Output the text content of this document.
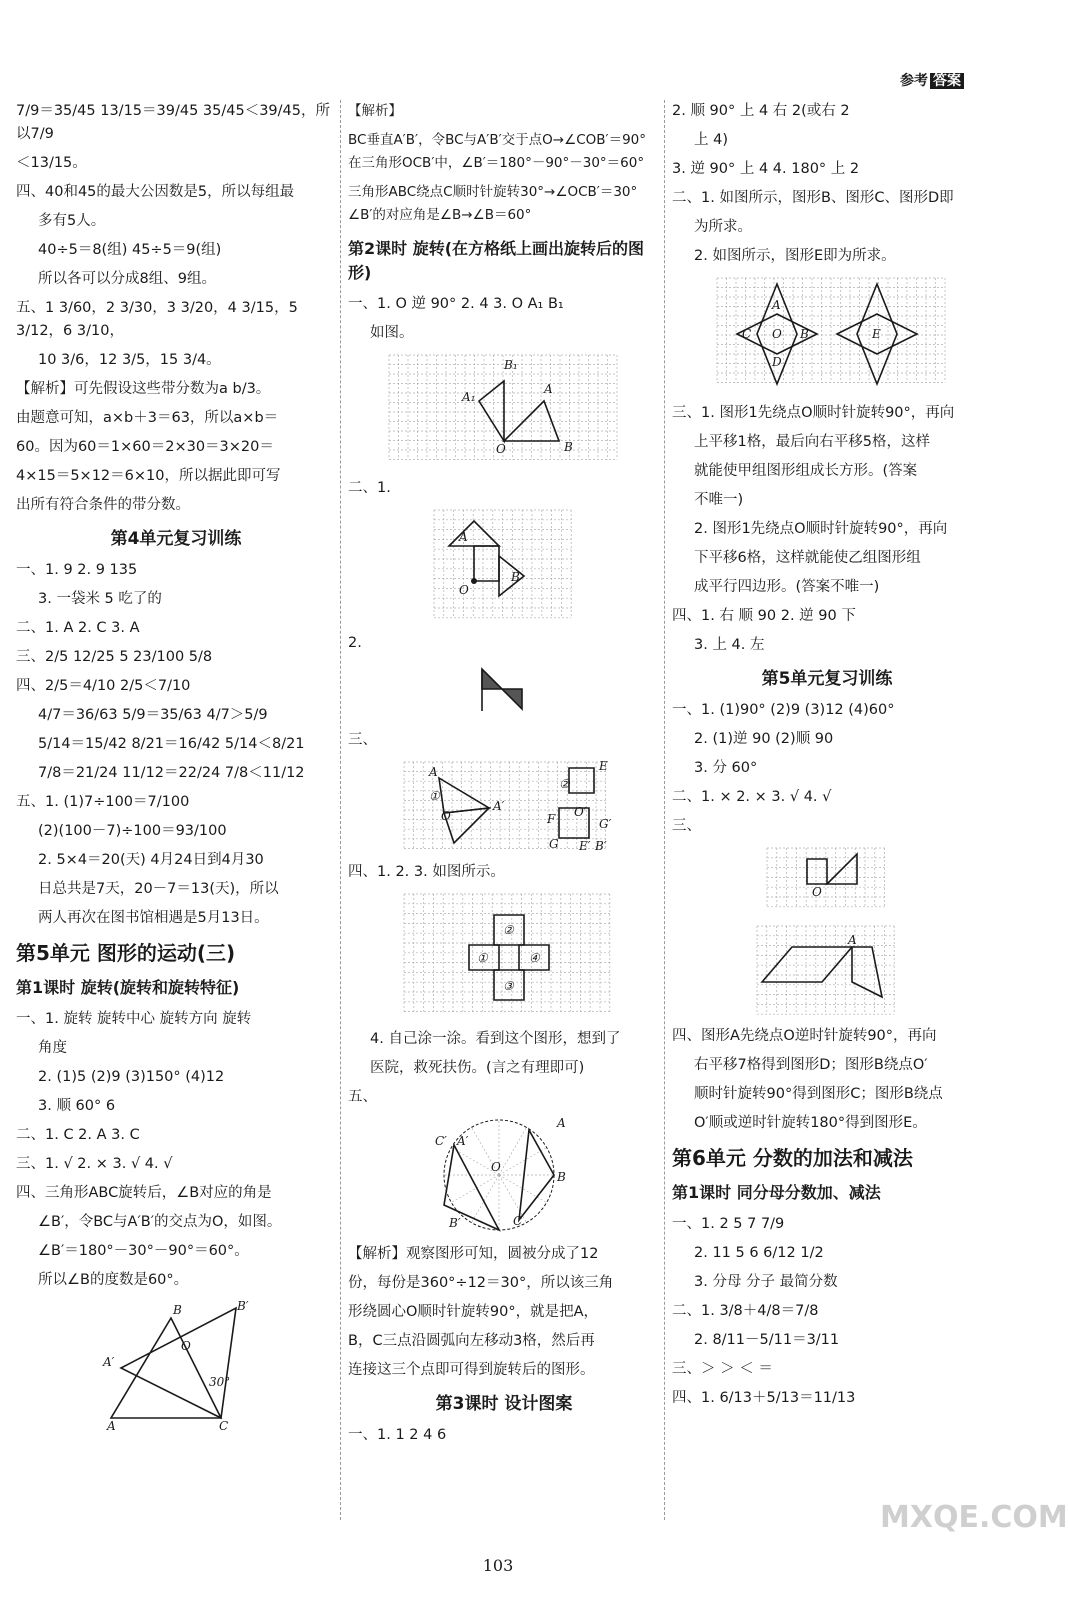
参考 答案

7/9＝35/45 13/15＝39/45 35/45＜39/45，所以7/9

＜13/15。

四、40和45的最大公因数是5，所以每组最

多有5人。

40÷5＝8(组) 45÷5＝9(组)

所以各可以分成8组、9组。

五、1 3/60，2 3/30，3 3/20，4 3/15，5 3/12，6 3/10，

10 3/6，12 3/5，15 3/4。

【解析】可先假设这些带分数为a b/3。

由题意可知，a×b＋3＝63，所以a×b＝

60。因为60＝1×60＝2×30＝3×20＝

4×15＝5×12＝6×10，所以据此即可写

出所有符合条件的带分数。

第4单元复习训练

一、1. 9 2. 9 135

3. 一袋米 5 吃了的

二、1. A 2. C 3. A

三、2/5 12/25 5 23/100 5/8

四、2/5＝4/10 2/5＜7/10

4/7＝36/63 5/9＝35/63 4/7＞5/9

5/14＝15/42 8/21＝16/42 5/14＜8/21

7/8＝21/24 11/12＝22/24 7/8＜11/12

五、1. (1)7÷100＝7/100

(2)(100－7)÷100＝93/100

2. 5×4＝20(天) 4月24日到4月30

日总共是7天，20－7＝13(天)，所以

两人再次在图书馆相遇是5月13日。

第5单元 图形的运动(三)
第1课时 旋转(旋转和旋转特征)

一、1. 旋转 旋转中心 旋转方向 旋转

角度

2. (1)5 (2)9 (3)150° (4)12

3. 顺 60° 6

二、1. C 2. A 3. C

三、1. √ 2. × 3. √ 4. √

四、三角形ABC旋转后，∠B对应的角是

∠B′，令BC与A′B′的交点为O，如图。

∠B′＝180°－30°－90°＝60°。

所以∠B的度数是60°。

A′
B	B′
O
30°
A	C

【解析】

BC垂直A′B′，令BC与A′B′交于点O→∠COB′＝90° 在三角形OCB′中，∠B′＝180°－90°－30°＝60°

三角形ABC绕点C顺时针旋转30°→∠OCB′＝30° ∠B′的对应角是∠B→∠B＝60°

第2课时 旋转(在方格纸上画出旋转后的图形)

一、1. O 逆 90° 2. 4 3. O A₁ B₁

如图。

A₁
B₁
A
O	B

二、1.

A
B
O

2.

三、

A
A′
O
①
②
E
F	G′
O′
G	B′
E′

四、1. 2. 3. 如图所示。

①
②
③
④

4. 自己涂一涂。看到这个图形，想到了

医院，救死扶伤。(言之有理即可)

五、

A
B
C
O
C′
B′
A′

【解析】观察图形可知，圆被分成了12

份，每份是360°÷12＝30°，所以该三角

形绕圆心O顺时针旋转90°，就是把A，

B，C三点沿圆弧向左移动3格，然后再

连接这三个点即可得到旋转后的图形。

第3课时 设计图案

一、1. 1 2 4 6

2. 顺 90° 上 4 右 2(或右 2

上 4)

3. 逆 90° 上 4 4. 180° 上 2

二、1. 如图所示，图形B、图形C、图形D即

为所求。

2. 如图所示，图形E即为所求。

A
C O B
D
E

三、1. 图形1先绕点O顺时针旋转90°，再向

上平移1格，最后向右平移5格，这样

就能使甲组图形组成长方形。(答案

不唯一)

2. 图形1先绕点O顺时针旋转90°，再向

下平移6格，这样就能使乙组图形组

成平行四边形。(答案不唯一)

四、1. 右 顺 90 2. 逆 90 下

3. 上 4. 左

第5单元复习训练

一、1. (1)90° (2)9 (3)12 (4)60°

2. (1)逆 90 (2)顺 90

3. 分 60°

二、1. × 2. × 3. √ 4. √

三、

O
A

四、图形A先绕点O逆时针旋转90°，再向

右平移7格得到图形D；图形B绕点O′

顺时针旋转90°得到图形C；图形B绕点

O′顺或逆时针旋转180°得到图形E。

第6单元 分数的加法和减法
第1课时 同分母分数加、减法

一、1. 2 5 7 7/9

2. 11 5 6 6/12 1/2

3. 分母 分子 最简分数

二、1. 3/8＋4/8＝7/8

2. 8/11－5/11＝3/11

三、＞ ＞ ＜ ＝

四、1. 6/13＋5/13＝11/13

103
MXQE.COM
